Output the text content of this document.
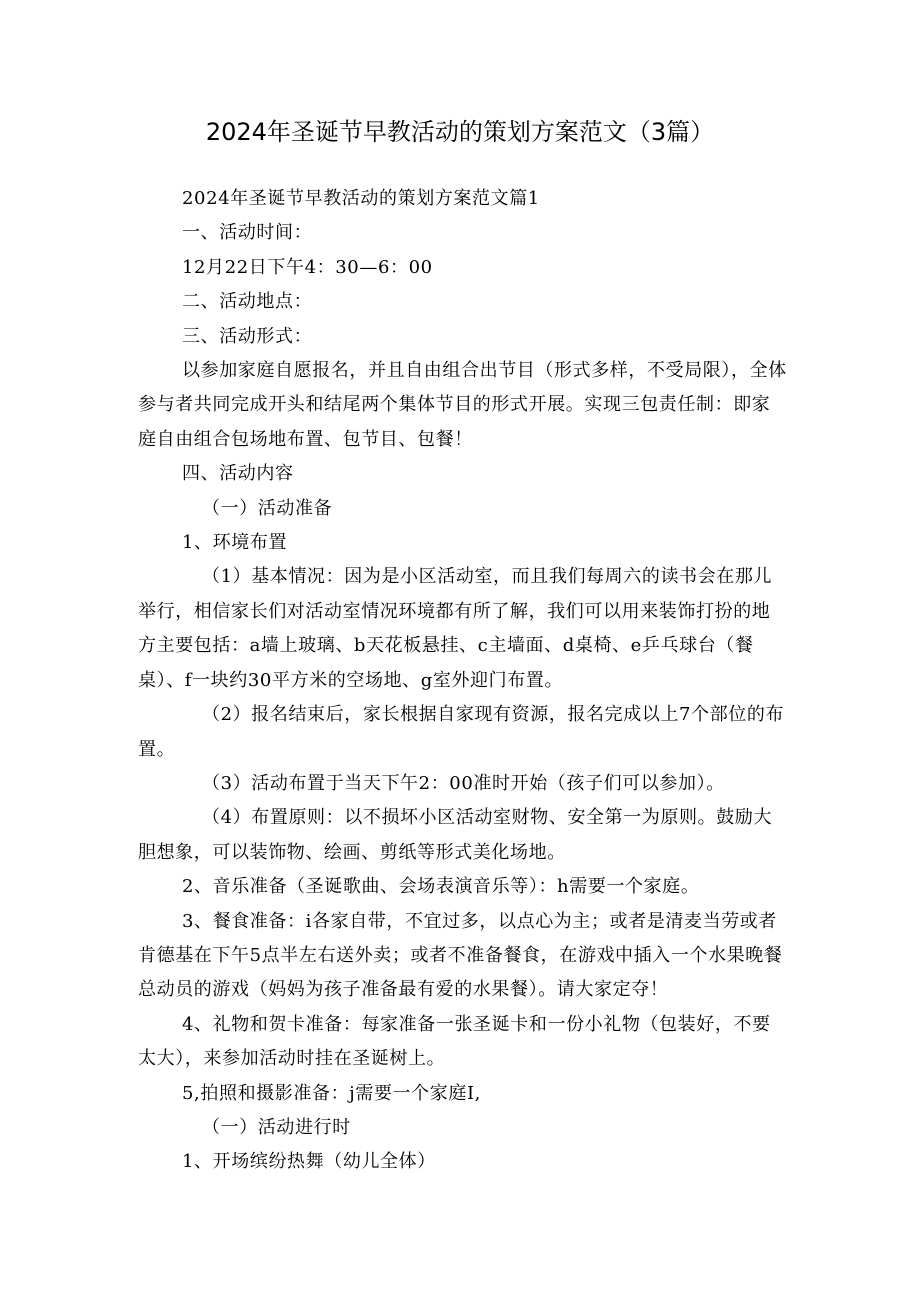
2024年圣诞节早教活动的策划方案范文（3篇）

2024年圣诞节早教活动的策划方案范文篇1

一、活动时间：

12月22日下午4：30—6：00

二、活动地点：

三、活动形式：

以参加家庭自愿报名，并且自由组合出节目（形式多样，不受局限），全体参与者共同完成开头和结尾两个集体节目的形式开展。实现三包责任制：即家庭自由组合包场地布置、包节目、包餐！

四、活动内容

（一）活动准备

1、环境布置

（1）基本情况：因为是小区活动室，而且我们每周六的读书会在那儿举行，相信家长们对活动室情况环境都有所了解，我们可以用来装饰打扮的地方主要包括：a墙上玻璃、b天花板悬挂、c主墙面、d桌椅、e乒乓球台（餐桌）、f一块约30平方米的空场地、g室外迎门布置。

（2）报名结束后，家长根据自家现有资源，报名完成以上7个部位的布置。

（3）活动布置于当天下午2：00准时开始（孩子们可以参加）。

（4）布置原则：以不损坏小区活动室财物、安全第一为原则。鼓励大胆想象，可以装饰物、绘画、剪纸等形式美化场地。

2、音乐准备（圣诞歌曲、会场表演音乐等）：h需要一个家庭。

3、餐食准备：i各家自带，不宜过多，以点心为主；或者是清麦当劳或者肯德基在下午5点半左右送外卖；或者不准备餐食，在游戏中插入一个水果晚餐总动员的游戏（妈妈为孩子准备最有爱的水果餐）。请大家定夺！

4、礼物和贺卡准备：每家准备一张圣诞卡和一份小礼物（包装好，不要太大），来参加活动时挂在圣诞树上。

5,拍照和摄影准备：j需要一个家庭I,

（一）活动进行时

1、开场缤纷热舞（幼儿全体）
